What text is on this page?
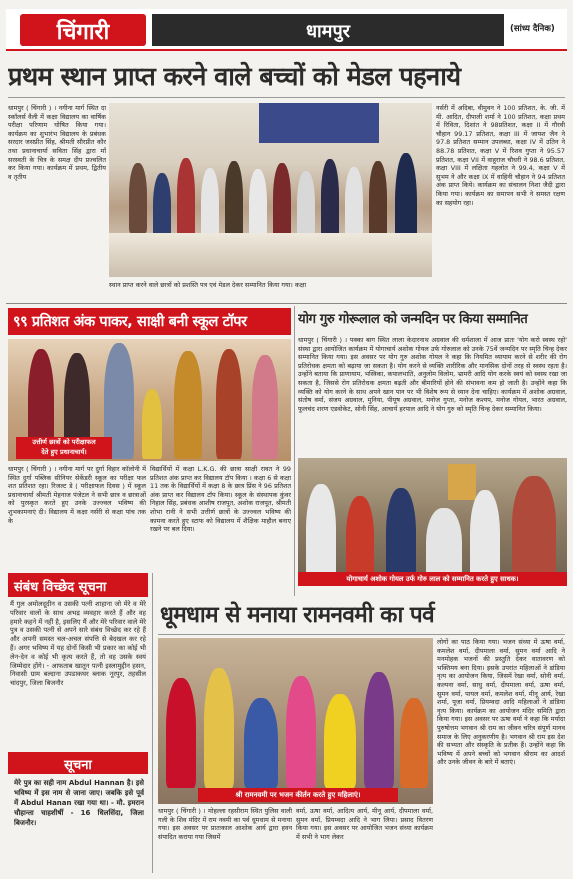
चिंगारी	धामपुर	(सांध्य दैनिक)
प्रथम स्थान प्राप्त करने वाले बच्चों को मेडल पहनाये
धामपुर ( चिंगारी ) । नगीना मार्ग स्थित दा स्कॉलर्स वैली में कक्षा विद्यालय का वार्षिक परीक्षा परिणाम घोषित किया गया। कार्यक्रम का शुभारंभ विद्यालय के प्रबंधक सरदार जसप्रीत सिंह, श्रीमती सौरप्रीत कौर तथा प्रधानाचार्या सविता सिंह द्वारा माँ सरस्वती के चित्र के समक्ष दीप प्रज्वलित कर किया गया। कार्यक्रम में प्रथम, द्वितीय व तृतीय
स्थान प्राप्त करने वाले छात्रों को प्रशस्ति पत्र एवं मेडल देकर सम्मानित किया गया। कक्षा
नर्सरी में अदिबा, वीमुवन ने 100 प्रतिशत, के. जी. में मी. आदित, दीपाली शर्मा ने 100 प्रतिशत, कक्षा प्रथम में रिविता, दिशांत ने 98प्रतिशत, कक्षा II में गौरवी चौहान 99.17 प्रतिशत, कक्षा III में जायश जैन ने 97.8 प्रतिशत सम्मान उपलब्धा, कक्षा IV में उतिन ने 88.78 प्रतिशत, कक्षा V में रिशव गुप्ता ने 95.57 प्रतिशत, कक्षा VII में वाहुराज चौधरी ने 98.6 प्रतिशत, कक्षा VIII में लक्षिता गहलोत ने 99.4, कक्षा V में सुभम ने और कक्षा IX में वाहिनी चौहान ने 94 प्रतिशत अंक प्राप्त किये। कार्यक्रम का संचालन निशा जैदी द्वारा किया गया। कार्यक्रम का समापन सभी ने समस्त रक्षण का सहयोग रहा।
९९ प्रतिशत अंक पाकर, साक्षी बनी स्कूल टॉपर
उत्तीर्ण छात्रों को परीक्षाफल
देते हुए प्रधानाचार्य।
धामपुर ( चिंगारी ) । नगीना मार्ग पर दुर्गा विहार कॉलोनी में स्थित दुर्गा पब्लिक सीनियर सेकेंडरी स्कूल का परीक्षा फल शत प्रतिशत रहा। रिजल्ट डे ( परीक्षाफल दिवस ) में स्कूल प्रधानाचार्या श्रीमती मेहनाज पंजेटल ने सभी छात्र व छात्राओं को पुरस्कृत करते हुए उनके उज्ज्वल भविष्य की शुभकामनाएं दी। विद्यालय में कक्षा नर्सरी से कक्षा पांच तक के
विद्यार्थियों में कक्षा L.K.G. की छात्रा साक्षी रावत ने 99 प्रतिशत अंक प्राप्त कर विद्यालय टॉप किया । कक्षा 6 से कक्षा 11 तक के विद्यार्थियों में कक्षा 8 के छात्र प्रिंस ने 96 प्रतिशत अंक प्राप्त कर विद्यालय टॉप किया। स्कूल के संस्थापक कुंवर निहाल सिंह, प्रबंधक आशीष राजपूत, अशोक राजपूत, श्रीमती शोभा रानी ने सभी उत्तीर्ण छात्रों के उज्ज्वल भविष्य की कामना करते हुए स्टाफ को विद्यालय में शैक्षिक माहौल बनाए रखने पर बल दिया।
योग गुरु गोरूलाल को जन्मदिन पर किया सम्मानित
धामपुर ( चिंगारी ) । पक्का बाग स्थित लाला केदारनाथ अग्रवाल की धर्मशाला में आज प्रातः 'योग करो स्वस्थ रहो' संस्था द्वारा आयोजित कार्यक्रम में योगाचार्य अशोक गोयल उर्फ गोरुलाल को उनके 75वें जन्मदिन पर स्मृति चिन्ह देकर सम्मानित किया गया। इस अवसर पर योग गुरु अशोक गोयल ने कहा कि नियमित व्यायाम करने से शरीर की रोग प्रतिरोधक क्षमता को बढ़ाया जा सकता है। योग करने से व्यक्ति शारीरिक और मानसिक दोनों तरह से स्वस्थ रहता है। उन्होंने बताया कि प्राणायाम, भस्त्रिका, कपालभाति, अनुलोम विलोम, भ्रामरी आदि योग करके स्वयं को स्वस्थ रखा जा सकता है, जिससे रोग प्रतिरोधक क्षमता बढ़ती और बीमारियों होने की संभावना कम हो जाती है। उन्होंने कहा कि व्यक्ति को योग करने के साथ अपने खान पान पर भी विशेष रूप से ध्यान देना चाहिए। कार्यक्रम में अशोक अग्रवाल, संतोष वर्मा, संजय अग्रवाल, मुनिया, पीयूष अग्रवाल, मनोज गुप्ता, मनोज कश्यप, मनोज गोयल, भारत अग्रवाल, फूलचंद शरण एडवोकेट, सोनी सिंह, आचार्य हरपाल आदि ने योग गुरु को स्मृति चिन्ह देकर सम्मानित किया।
योगाचार्य अशोक गोयल उर्फ गोरु लाल को सम्मानित करते हुए साधक।
संबंध विच्छेद सूचना
मैं गुल अमोलदूदीन व उसकी पत्नी शाहाना जो मेरे व मेरे परिवार वालों के साथ अभद्र व्यवहार करते हैं और वह हमारे कहने में नहीं है, इसलिए मैं और मेरे परिवार वाले मेरे पुत्र व उसकी पत्नी से अपने सारे संबंध विच्छेद कर रहे हैं और अपनी समस्त चल-अचल संपत्ति से बेदखल कर रहे हैं। अगर भविष्य में यह दोनों किसी भी प्रकार का कोई भी लेन-देन व कोई भी कृत्य करते हैं, तो वह उसके स्वयं जिम्मेदार होंगे। - आफताब खातून पत्नी इस्लामुद्दीन हसन, निवासी ग्राम बल्दाना उपडाकघर ब्लाक नूरपुर, तहसील चांदपुर, जिला बिजनौर
सूचना
मेरे पुत्र का सही नाम Abdul Hannan है। इसे भविष्य में इस नाम से जाना जाए। जबकि इसे पूर्व में Abdul Hanan रखा गया था। - मौ. इमरान चौहान्ता चाहशीर्षी - 16 धिलसिंदा, जिला बिजनौर।
धूमधाम से मनाया रामनवमी का पर्व
श्री रामनवमी पर भजन कीर्तन करते हुए महिलाएं।
धामपुर ( चिंगारी ) । मोहल्ला रहसीराम स्थित पुलिस वाली गली के शिव मंदिर में राम नवमी का पर्व धूमधाम से मनाया गया। इस अवसर पर प्रातःकाल आशोक आर्य द्वारा हवन संपादित कराया गया जिसमें
वर्मा, ऊषा वर्मा, आदित्य आर्य, मीनू आर्य, दीपमाला वर्मा, सुमन वर्मा, प्रियम्वदा आदि ने भाग लिया। प्रसाद वितरण किया गया। इस अवसर पर आयोजित भजन संध्या कार्यक्रम में सभी ने भाग लेकर
लोगों का पाठ किया गया। भजन संध्या में ऊषा वर्मा, कमलेश वर्मा, दीपमाला वर्मा, सुमन वर्मा आदि ने मनमोहक भजनों की प्रस्तुति देकर वातावरण को भक्तिमय बना दिया। इसके उपरांत महिलाओं ने डांडिया नृत्य का आयोजन किया, जिसमें रेखा वर्मा, सोनी वर्मा, कल्पना वर्मा, साधु वर्मा, दीपमाला वर्मा, ऊषा वर्मा, सुमन वर्मा, पायल वर्मा, कमलेश वर्मा, मीनू आर्य, रेखा शर्मा, पूजा वर्मा, प्रियम्वदा आदि महिलाओं ने डांडिया नृत्य किया। कार्यक्रम का आयोजन मंदिर समिति द्वारा किया गया। इस अवसर पर ऊषा वर्मा ने कहा कि मर्यादा पुरुषोत्तम भगवान श्री राम का जीवन चरित्र संपूर्ण मानव समाज के लिए अनुकरणीय है। भगवान श्री राम इस देश की सभ्यता और संस्कृति के प्रतीक हैं। उन्होंने कहा कि भविष्य में अपने बच्चों को भगवान श्रीराम का आदर्श और उनके जीवन के बारे में बताएं।
